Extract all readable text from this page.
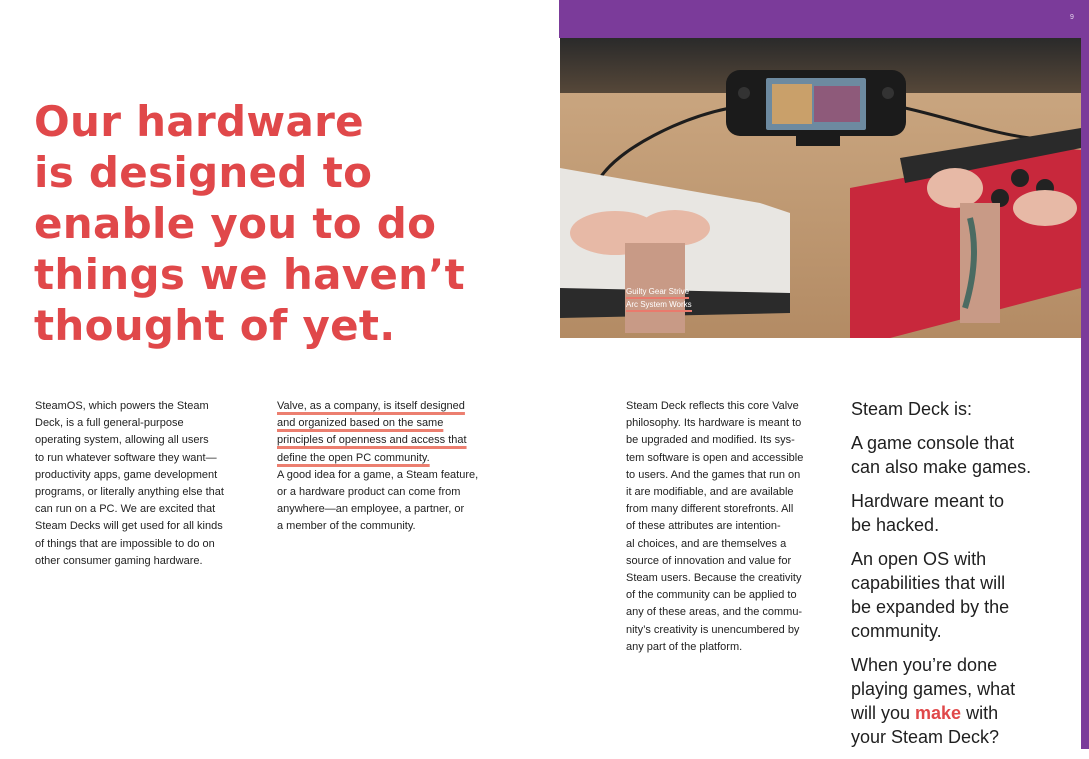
9
Our hardware
is designed to
enable you to do
things we haven’t
thought of yet.
Guilty Gear Strive
Arc System Works
SteamOS, which powers the Steam
Deck, is a full general-purpose
operating system, allowing all users
to run whatever software they want—
productivity apps, game development
programs, or literally anything else that
can run on a PC. We are excited that
Steam Decks will get used for all kinds
of things that are impossible to do on
other consumer gaming hardware.
Valve, as a company, is itself designed
and organized based on the same
principles of openness and access that
define the open PC community.
A good idea for a game, a Steam feature,
or a hardware product can come from
anywhere—an employee, a partner, or
a member of the community.
Steam Deck reflects this core Valve
philosophy. Its hardware is meant to
be upgraded and modified. Its sys-
tem software is open and accessible
to users. And the games that run on
it are modifiable, and are available
from many different storefronts. All
of these attributes are intention-
al choices, and are themselves a
source of innovation and value for
Steam users. Because the creativity
of the community can be applied to
any of these areas, and the commu-
nity’s creativity is unencumbered by
any part of the platform.

Steam Deck is:

A game console that
can also make games.
Hardware meant to
be hacked.
An open OS with
capabilities that will
be expanded by the
community.
When you’re done
playing games, what
will you make with
your Steam Deck?
